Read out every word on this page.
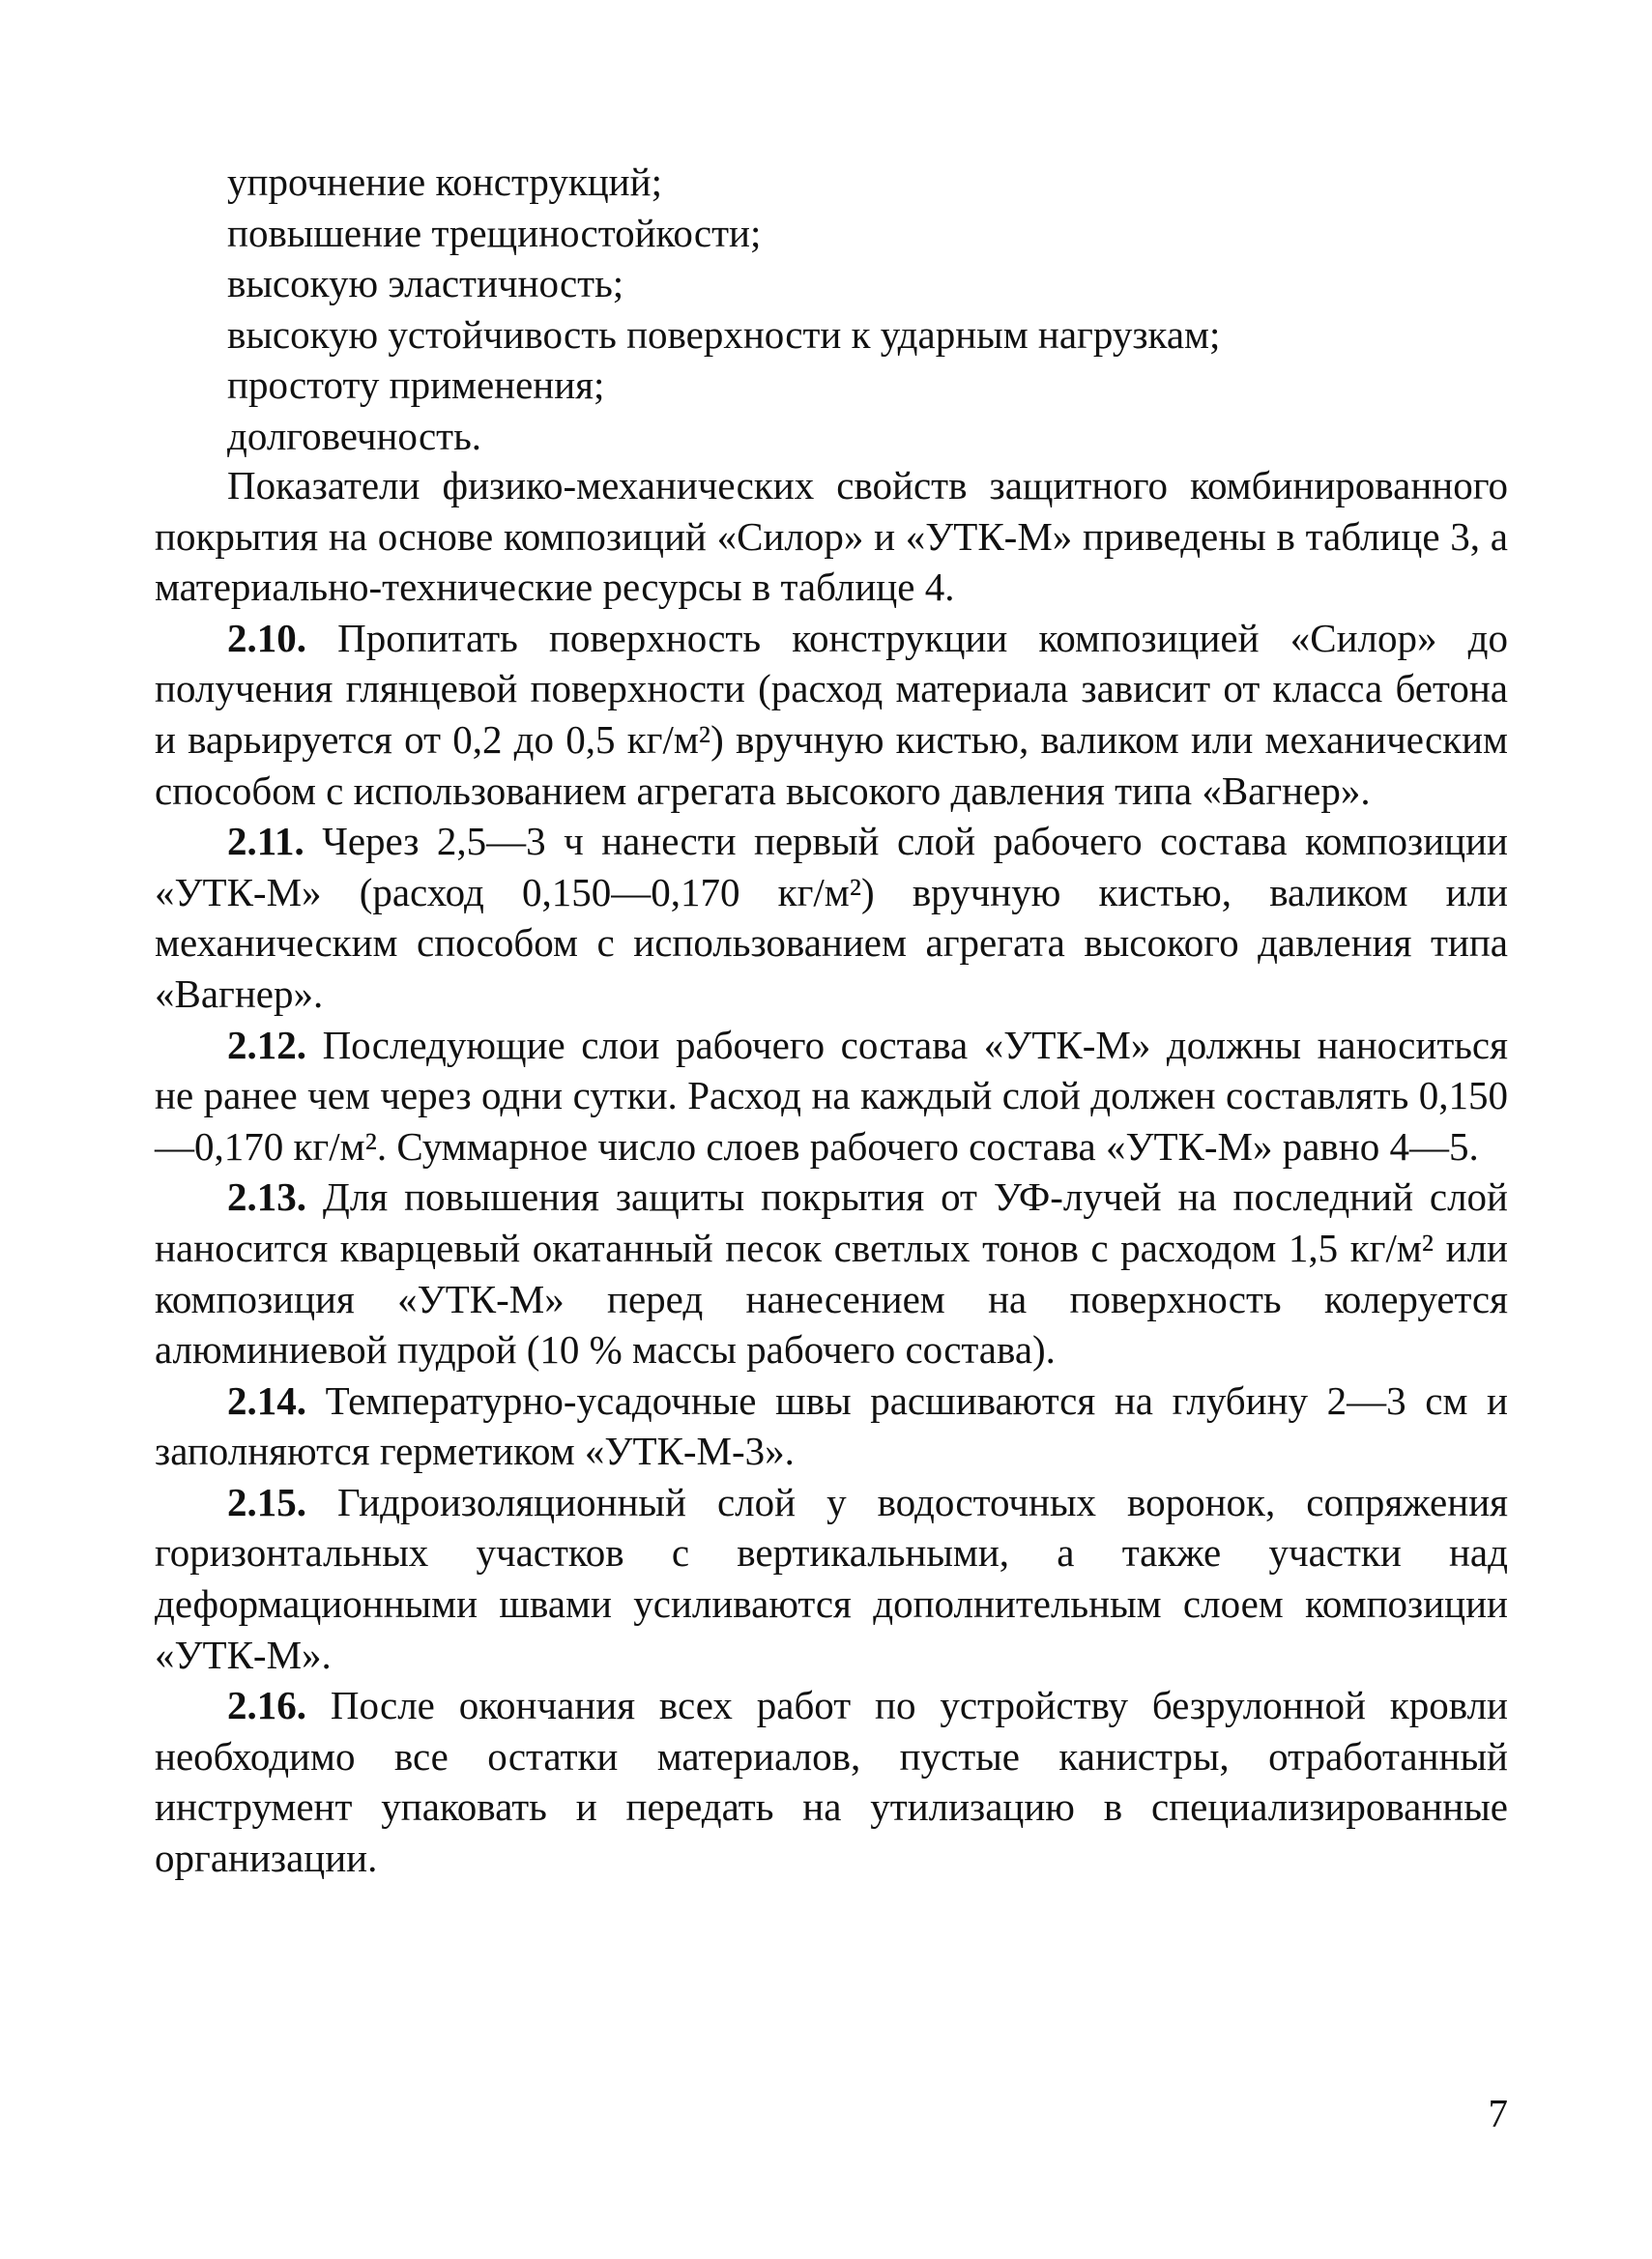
упрочнение конструкций;
повышение трещиностойкости;
высокую эластичность;
высокую устойчивость поверхности к ударным нагрузкам;
простоту применения;
долговечность.

Показатели физико-механических свойств защитного комбинированного покрытия на основе композиций «Силор» и «УТК-М» приведены в таблице 3, а материально-технические ресурсы в таблице 4.

2.10. Пропитать поверхность конструкции композицией «Силор» до получения глянцевой поверхности (расход материала зависит от класса бетона и варьируется от 0,2 до 0,5 кг/м²) вручную кистью, валиком или механическим способом с использованием агрегата высокого давления типа «Вагнер».

2.11. Через 2,5—3 ч нанести первый слой рабочего состава композиции «УТК-М» (расход 0,150—0,170 кг/м²) вручную кистью, валиком или механическим способом с использованием агрегата высокого давления типа «Вагнер».

2.12. Последующие слои рабочего состава «УТК-М» должны наноситься не ранее чем через одни сутки. Расход на каждый слой должен составлять 0,150—0,170 кг/м². Суммарное число слоев рабочего состава «УТК-М» равно 4—5.

2.13. Для повышения защиты покрытия от УФ-лучей на последний слой наносится кварцевый окатанный песок светлых тонов с расходом 1,5 кг/м² или композиция «УТК-М» перед нанесением на поверхность колеруется алюминиевой пудрой (10 % массы рабочего состава).

2.14. Температурно-усадочные швы расшиваются на глубину 2—3 см и заполняются герметиком «УТК-М-3».

2.15. Гидроизоляционный слой у водосточных воронок, сопряжения горизонтальных участков с вертикальными, а также участки над деформационными швами усиливаются дополнительным слоем композиции «УТК-М».

2.16. После окончания всех работ по устройству безрулонной кровли необходимо все остатки материалов, пустые канистры, отработанный инструмент упаковать и передать на утилизацию в специализированные организации.

7
